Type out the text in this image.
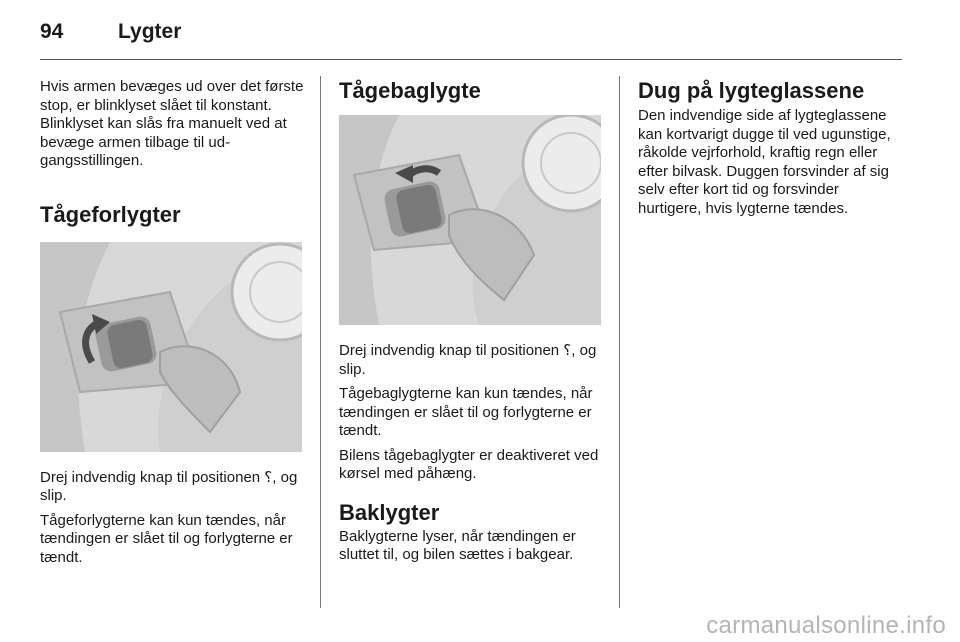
94	Lygter

Hvis armen bevæges ud over det første stop, er blinklyset slået til konstant. Blinklyset kan slås fra manuelt ved at bevæge armen tilbage til udgangsstillingen.

Tågeforlygter

Drej indvendig knap til positionen ⸮, og slip.

Tågeforlygterne kan kun tændes, når tændingen er slået til og forlygterne er tændt.

Tågebaglygte

Drej indvendig knap til positionen ⸮, og slip.

Tågebaglygterne kan kun tændes, når tændingen er slået til og forlygterne er tændt.

Bilens tågebaglygter er deaktiveret ved kørsel med påhæng.

Baklygter

Baklygterne lyser, når tændingen er sluttet til, og bilen sættes i bakgear.

Dug på lygteglassene

Den indvendige side af lygteglassene kan kortvarigt dugge til ved ugunstige, råkolde vejrforhold, kraftig regn eller efter bilvask. Duggen forsvinder af sig selv efter kort tid og forsvinder hurtigere, hvis lygterne tændes.

carmanualsonline.info
